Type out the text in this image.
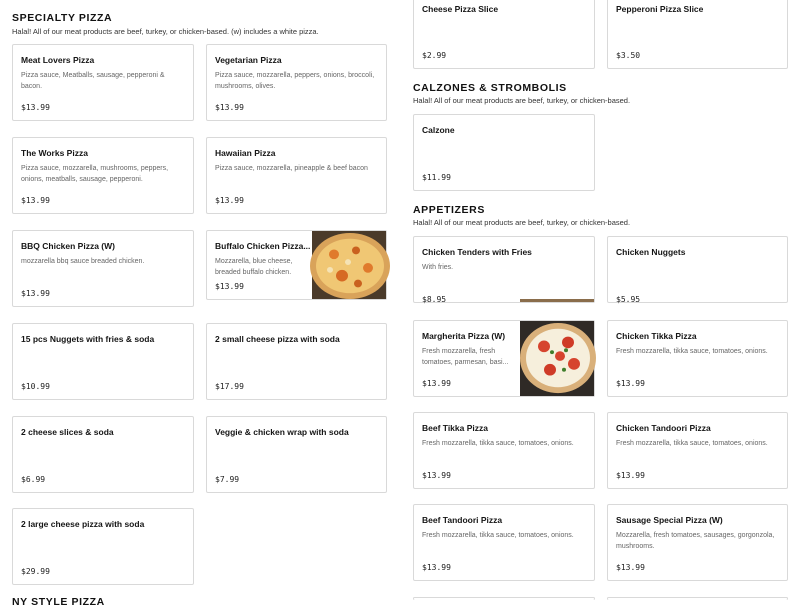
SPECIALTY PIZZA
Halal! All of our meat products are beef, turkey, or chicken-based. (w) includes a white pizza.
Meat Lovers Pizza
Pizza sauce, Meatballs, sausage, pepperoni & bacon.
$13.99
Vegetarian Pizza
Pizza sauce, mozzarella, peppers, onions, broccoli, mushrooms, olives.
$13.99
The Works Pizza
Pizza sauce, mozzarella, mushrooms, peppers, onions, meatballs, sausage, pepperoni.
$13.99
Hawaiian Pizza
Pizza sauce, mozzarella, pineapple & beef bacon
$13.99
BBQ Chicken Pizza (W)
mozzarella bbq sauce breaded chicken.
$13.99
Buffalo Chicken Pizza...
Mozzarella, blue cheese, breaded buffalo chicken.
$13.99
15 pcs Nuggets with fries & soda
$10.99
2 small cheese pizza with soda
$17.99
2 cheese slices & soda
$6.99
Veggie & chicken wrap with soda
$7.99
2 large cheese pizza with soda
$29.99
NY STYLE PIZZA
Cheese Pizza Slice
$2.99
Pepperoni Pizza Slice
$3.50
CALZONES & STROMBOLIS
Halal! All of our meat products are beef, turkey, or chicken-based.
Calzone
$11.99
APPETIZERS
Halal! All of our meat products are beef, turkey, or chicken-based.
Chicken Tenders with Fries
With fries.
$8.95
Chicken Nuggets
$5.95
Margherita Pizza (W)
Fresh mozzarella, fresh tomatoes, parmesan, basi...
$13.99
Chicken Tikka Pizza
Fresh mozzarella, tikka sauce, tomatoes, onions.
$13.99
Beef Tikka Pizza
Fresh mozzarella, tikka sauce, tomatoes, onions.
$13.99
Chicken Tandoori Pizza
Fresh mozzarella, tikka sauce, tomatoes, onions.
$13.99
Beef Tandoori Pizza
Fresh mozzarella, tikka sauce, tomatoes, onions.
$13.99
Sausage Special Pizza (W)
Mozzarella, fresh tomatoes, sausages, gorgonzola, mushrooms.
$13.99
